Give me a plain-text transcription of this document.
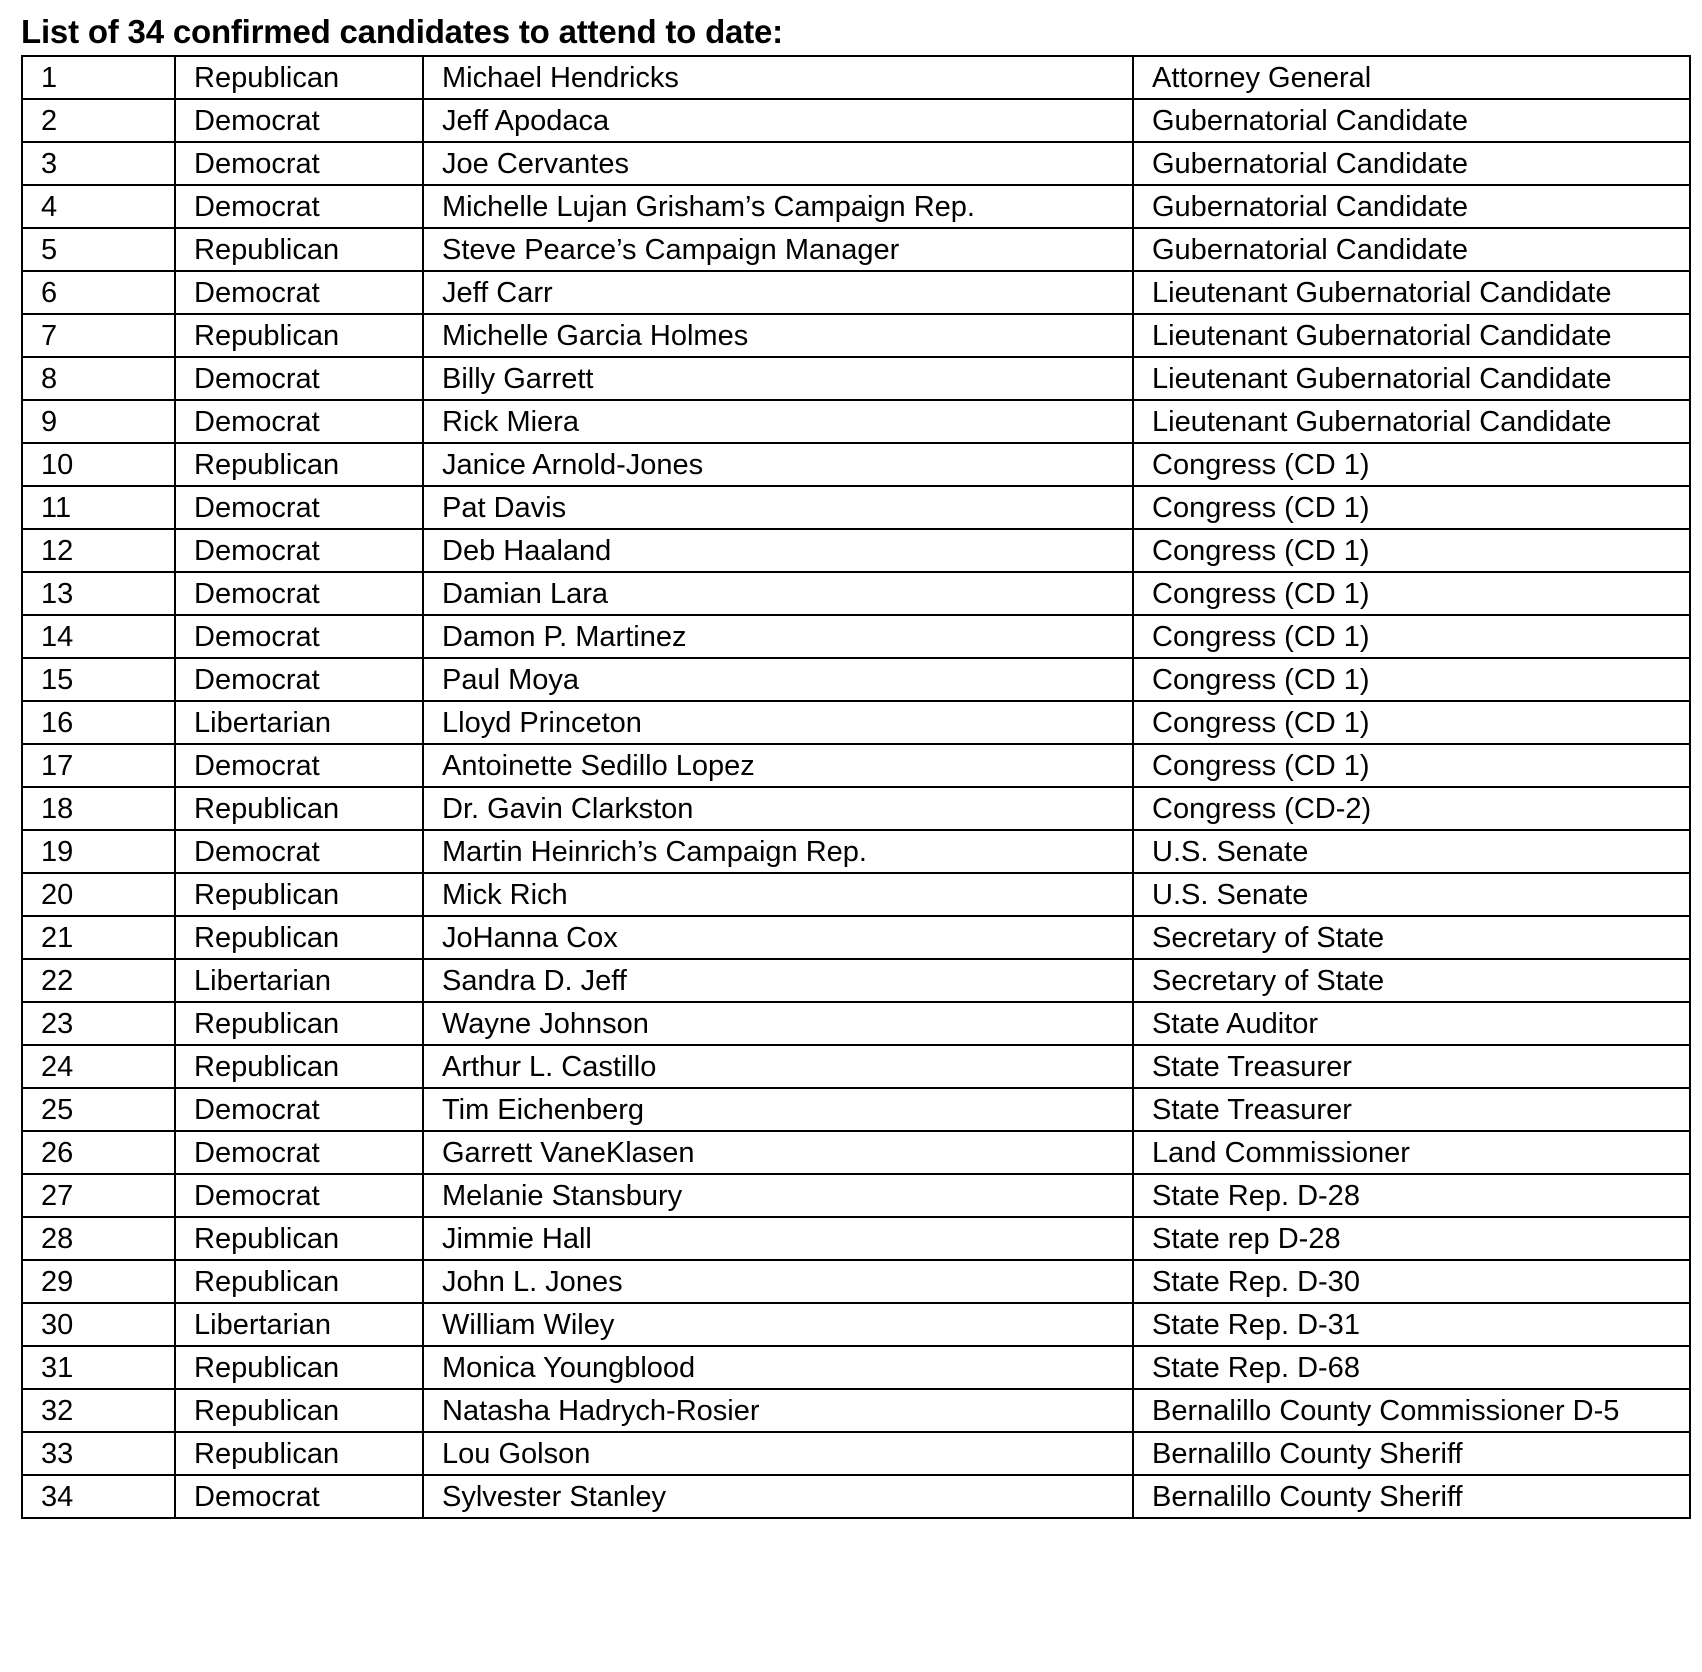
List of 34 confirmed candidates to attend to date:
1	Republican	Michael Hendricks	Attorney General
2	Democrat	Jeff Apodaca	Gubernatorial Candidate
3	Democrat	Joe Cervantes	Gubernatorial Candidate
4	Democrat	Michelle Lujan Grisham’s Campaign Rep.	Gubernatorial Candidate
5	Republican	Steve Pearce’s Campaign Manager	Gubernatorial Candidate
6	Democrat	Jeff Carr	Lieutenant Gubernatorial Candidate
7	Republican	Michelle Garcia Holmes	Lieutenant Gubernatorial Candidate
8	Democrat	Billy Garrett	Lieutenant Gubernatorial Candidate
9	Democrat	Rick Miera	Lieutenant Gubernatorial Candidate
10	Republican	Janice Arnold-Jones	Congress (CD 1)
11	Democrat	Pat Davis	Congress (CD 1)
12	Democrat	Deb Haaland	Congress (CD 1)
13	Democrat	Damian Lara	Congress (CD 1)
14	Democrat	Damon P. Martinez	Congress (CD 1)
15	Democrat	Paul Moya	Congress (CD 1)
16	Libertarian	Lloyd Princeton	Congress (CD 1)
17	Democrat	Antoinette Sedillo Lopez	Congress (CD 1)
18	Republican	Dr. Gavin Clarkston	Congress (CD-2)
19	Democrat	Martin Heinrich’s Campaign Rep.	U.S. Senate
20	Republican	Mick Rich	U.S. Senate
21	Republican	JoHanna Cox	Secretary of State
22	Libertarian	Sandra D. Jeff	Secretary of State
23	Republican	Wayne Johnson	State Auditor
24	Republican	Arthur L. Castillo	State Treasurer
25	Democrat	Tim Eichenberg	State Treasurer
26	Democrat	Garrett VaneKlasen	Land Commissioner
27	Democrat	Melanie Stansbury	State Rep. D-28
28	Republican	Jimmie Hall	State rep D-28
29	Republican	John L. Jones	State Rep. D-30
30	Libertarian	William Wiley	State Rep. D-31
31	Republican	Monica Youngblood	State Rep. D-68
32	Republican	Natasha Hadrych-Rosier	Bernalillo County Commissioner D-5
33	Republican	Lou Golson	Bernalillo County Sheriff
34	Democrat	Sylvester Stanley	Bernalillo County Sheriff
